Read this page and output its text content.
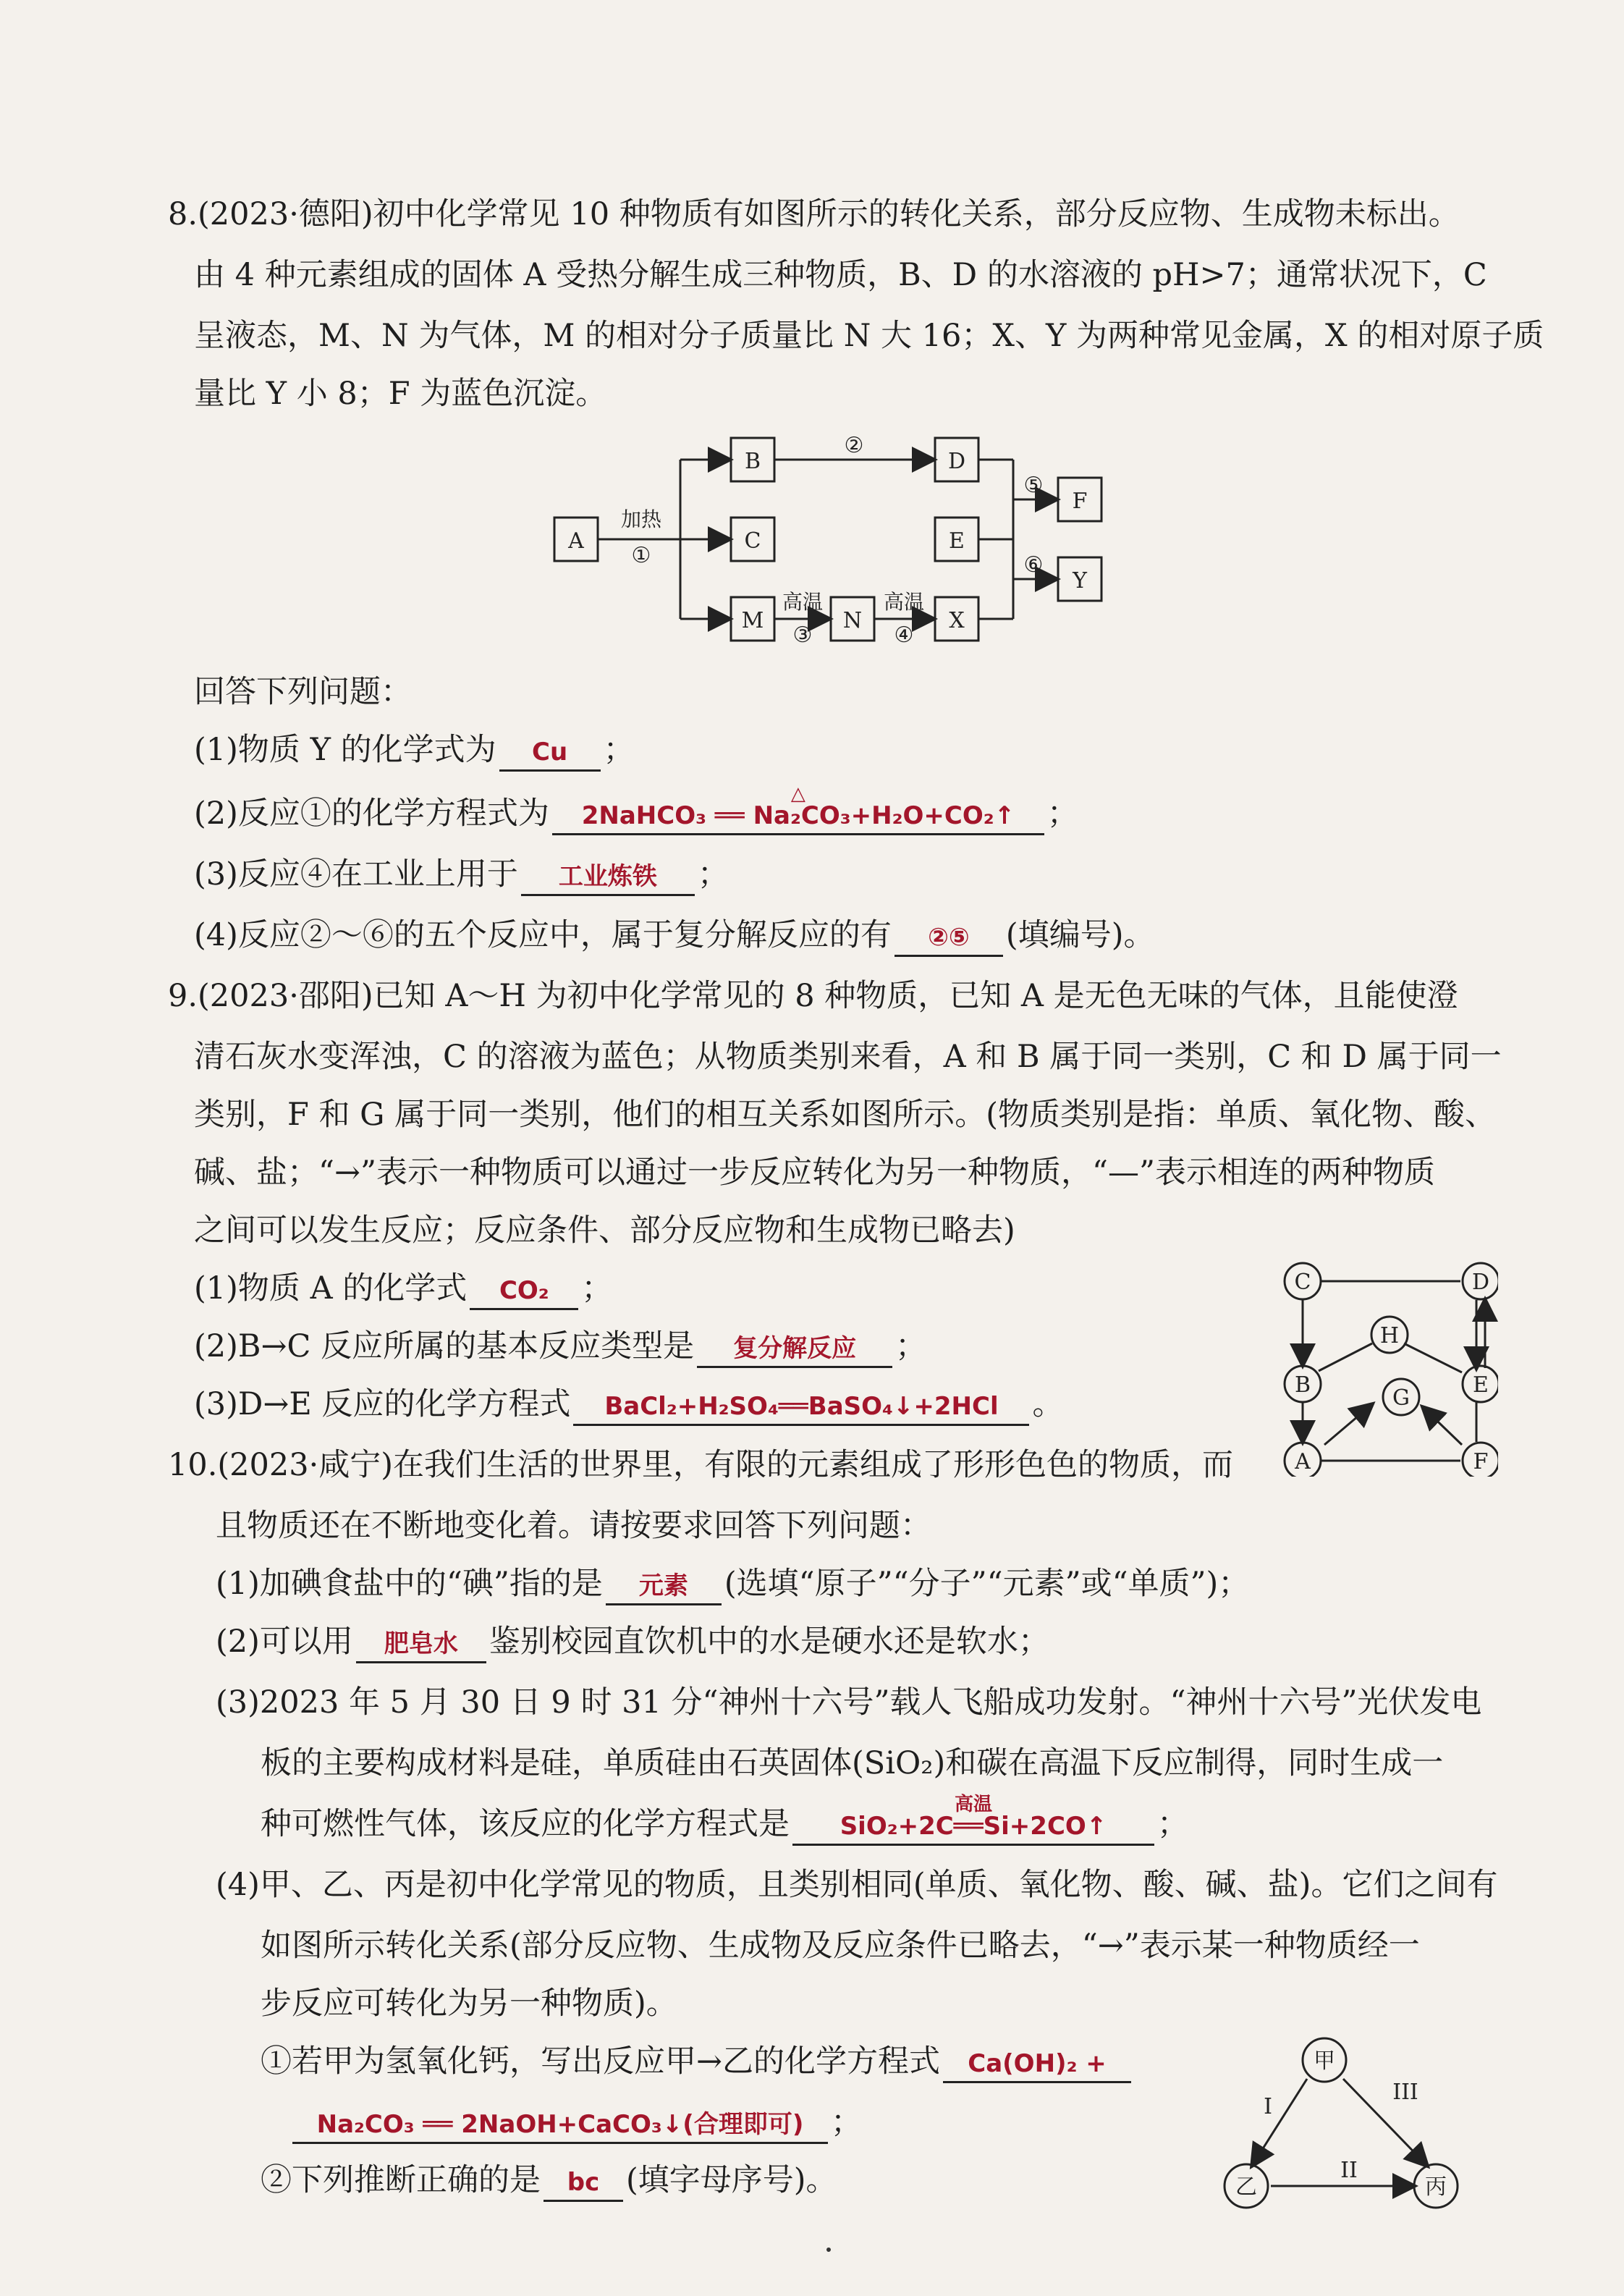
8.(2023·德阳)初中化学常见 10 种物质有如图所示的转化关系，部分反应物、生成物未标出。
由 4 种元素组成的固体 A 受热分解生成三种物质，B、D 的水溶液的 pH>7；通常状况下，C
呈液态，M、N 为气体，M 的相对分子质量比 N 大 16；X、Y 为两种常见金属，X 的相对原子质
量比 Y 小 8；F 为蓝色沉淀。
A
B
C
M	N
D
E
X
F
Y
加热
①
②
高温
③
高温
④
⑤
⑥
回答下列问题：
(1)物质 Y 的化学式为 Cu ；
(2)反应①的化学方程式为
△
2NaHCO₃ ══ Na₂CO₃+H₂O+CO₂↑ ；
(3)反应④在工业上用于 工业炼铁 ；
(4)反应②～⑥的五个反应中，属于复分解反应的有 ②⑤ (填编号)。
9.(2023·邵阳)已知 A～H 为初中化学常见的 8 种物质，已知 A 是无色无味的气体，且能使澄
清石灰水变浑浊，C 的溶液为蓝色；从物质类别来看，A 和 B 属于同一类别，C 和 D 属于同一
类别，F 和 G 属于同一类别，他们的相互关系如图所示。(物质类别是指：单质、氧化物、酸、
碱、盐；“→”表示一种物质可以通过一步反应转化为另一种物质，“—”表示相连的两种物质
之间可以发生反应；反应条件、部分反应物和生成物已略去)
(1)物质 A 的化学式 CO₂ ；
(2)B→C 反应所属的基本反应类型是 复分解反应 ；
(3)D→E 反应的化学方程式 BaCl₂+H₂SO₄══BaSO₄↓+2HCl 。
C	D
H
B	E
G
A	F
10.(2023·咸宁)在我们生活的世界里，有限的元素组成了形形色色的物质，而
且物质还在不断地变化着。请按要求回答下列问题：
(1)加碘食盐中的“碘”指的是 元素 (选填“原子”“分子”“元素”或“单质”)；
(2)可以用 肥皂水 鉴别校园直饮机中的水是硬水还是软水；
(3)2023 年 5 月 30 日 9 时 31 分“神州十六号”载人飞船成功发射。“神州十六号”光伏发电
板的主要构成材料是硅，单质硅由石英固体(SiO₂)和碳在高温下反应制得，同时生成一
种可燃性气体，该反应的化学方程式是
高温
SiO₂+2C══Si+2CO↑ ；
(4)甲、乙、丙是初中化学常见的物质，且类别相同(单质、氧化物、酸、碱、盐)。它们之间有
如图所示转化关系(部分反应物、生成物及反应条件已略去，“→”表示某一种物质经一
步反应可转化为另一种物质)。
①若甲为氢氧化钙，写出反应甲→乙的化学方程式 Ca(OH)₂ +
Na₂CO₃ ══ 2NaOH+CaCO₃↓(合理即可) ；
②下列推断正确的是 bc (填字母序号)。
甲
乙	丙
I
II
III
